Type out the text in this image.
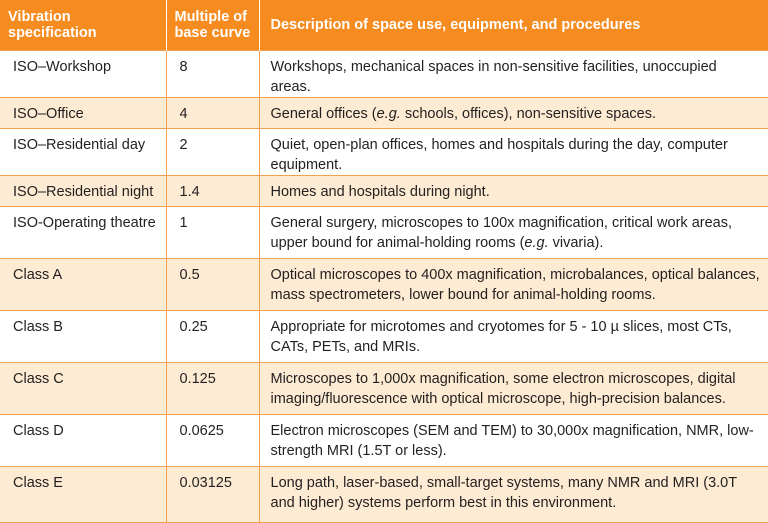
Vibration specification	Multiple of base curve	Description of space use, equipment, and procedures
ISO–Workshop	8	Workshops, mechanical spaces in non-sensitive facilities, unoccupied areas.
ISO–Office	4	General offices (e.g. schools, offices), non-sensitive spaces.
ISO–Residential day	2	Quiet, open-plan offices, homes and hospitals during the day, computer equipment.
ISO–Residential night	1.4	Homes and hospitals during night.
ISO-Operating theatre	1	General surgery, microscopes to 100x magnification, critical work areas, upper bound for animal-holding rooms (e.g. vivaria).
Class A	0.5	Optical microscopes to 400x magnification, microbalances, optical balances, mass spectrometers, lower bound for animal-holding rooms.
Class B	0.25	Appropriate for microtomes and cryotomes for 5 - 10 µ slices, most CTs, CATs, PETs, and MRIs.
Class C	0.125	Microscopes to 1,000x magnification, some electron microscopes, digital imaging/fluorescence with optical microscope, high-precision balances.
Class D	0.0625	Electron microscopes (SEM and TEM) to 30,000x magnification, NMR, low-strength MRI (1.5T or less).
Class E	0.03125	Long path, laser-based, small-target systems, many NMR and MRI (3.0T and higher) systems perform best in this environment.
